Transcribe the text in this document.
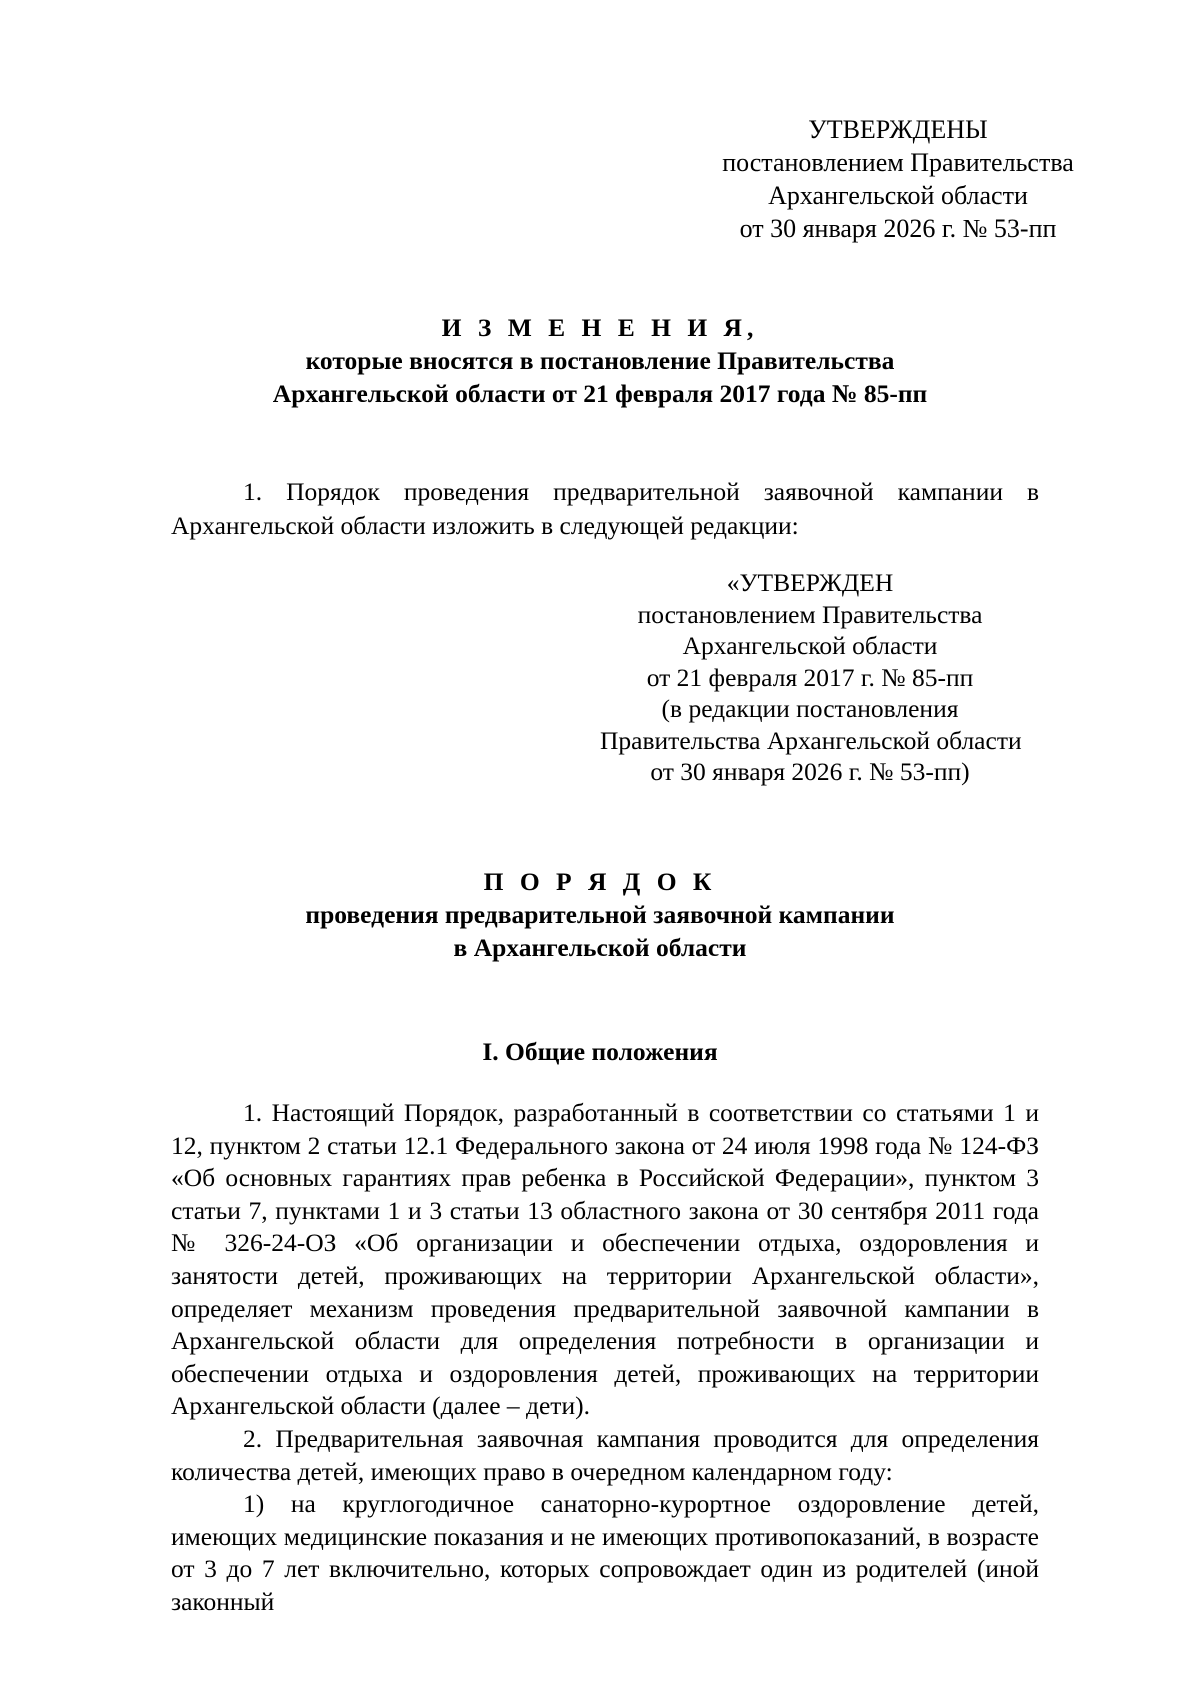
УТВЕРЖДЕНЫ
постановлением Правительства
Архангельской области
от 30 января 2026 г. № 53-пп
И З М Е Н Е Н И Я,
которые вносятся в постановление Правительства
Архангельской области от 21 февраля 2017 года № 85-пп

1. Порядок проведения предварительной заявочной кампании в Архангельской области изложить в следующей редакции:

«УТВЕРЖДЕН
постановлением Правительства
Архангельской области
от 21 февраля 2017 г. № 85-пп
(в редакции постановления
Правительства Архангельской области
от 30 января 2026 г. № 53-пп)
П О Р Я Д О К
проведения предварительной заявочной кампании
в Архангельской области
I. Общие положения

1. Настоящий Порядок, разработанный в соответствии со статьями 1 и 12, пунктом 2 статьи 12.1 Федерального закона от 24 июля 1998 года № 124-ФЗ «Об основных гарантиях прав ребенка в Российской Федерации», пунктом 3 статьи 7, пунктами 1 и 3 статьи 13 областного закона от 30 сентября 2011 года № 326-24-ОЗ «Об организации и обеспечении отдыха, оздоровления и занятости детей, проживающих на территории Архангельской области», определяет механизм проведения предварительной заявочной кампании в Архангельской области для определения потребности в организации и обеспечении отдыха и оздоровления детей, проживающих на территории Архангельской области (далее – дети).

2. Предварительная заявочная кампания проводится для определения количества детей, имеющих право в очередном календарном году:

1) на круглогодичное санаторно-курортное оздоровление детей, имеющих медицинские показания и не имеющих противопоказаний, в возрасте от 3 до 7 лет включительно, которых сопровождает один из родителей (иной законный
